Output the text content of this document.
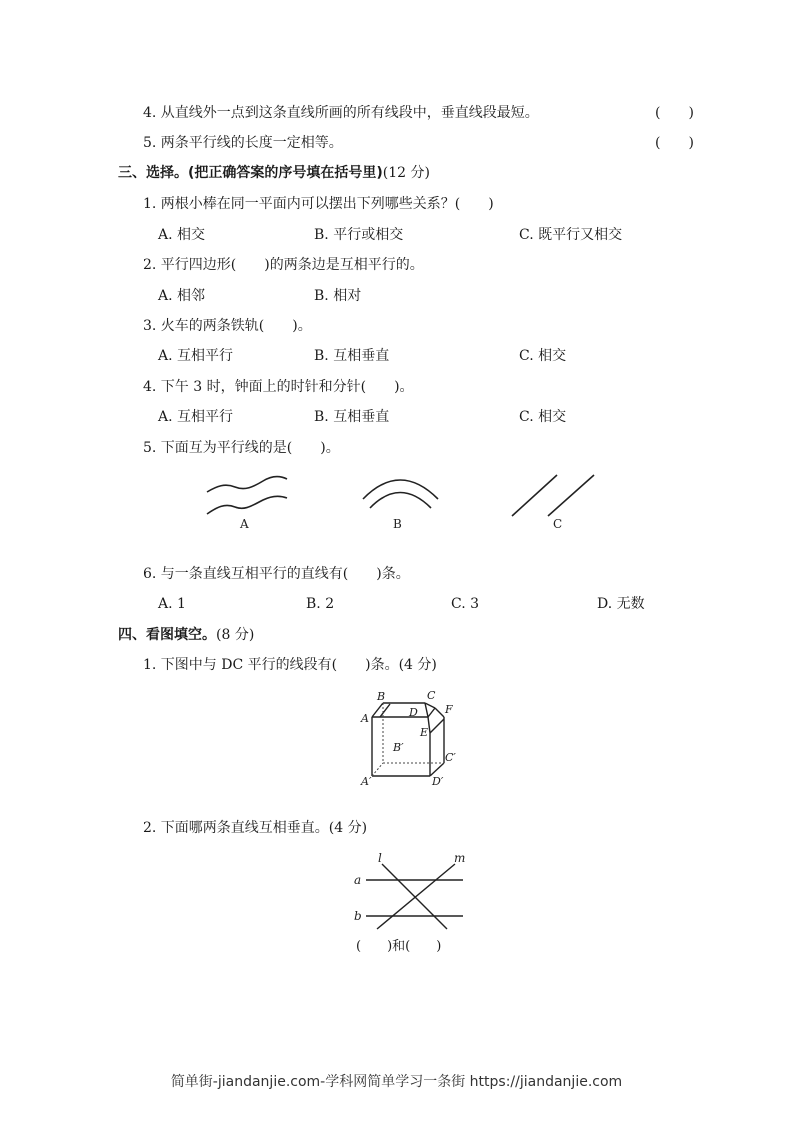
4. 从直线外一点到这条直线所画的所有线段中，垂直线段最短。	(　　)
5. 两条平行线的长度一定相等。	(　　)
三、选择。(把正确答案的序号填在括号里)(12 分)
1. 两根小棒在同一平面内可以摆出下列哪些关系？(　　)
A. 相交	B. 平行或相交	C. 既平行又相交
2. 平行四边形(　　)的两条边是互相平行的。
A. 相邻	B. 相对
3. 火车的两条铁轨(　　)。
A. 互相平行	B. 互相垂直	C. 相交
4. 下午 3 时，钟面上的时针和分针(　　)。
A. 互相平行	B. 互相垂直	C. 相交
5. 下面互为平行线的是(　　)。
A	B	C
6. 与一条直线互相平行的直线有(　　)条。
A. 1	B. 2	C. 3	D. 无数
四、看图填空。(8 分)
1. 下图中与 DC 平行的线段有(　　)条。(4 分)
A
B	C
D
E
F
B′
C′
A′	D′
2. 下面哪两条直线互相垂直。(4 分)
l	m
a
b
(　　)和(　　)
简单街-jiandanjie.com-学科网简单学习一条街 https://jiandanjie.com
